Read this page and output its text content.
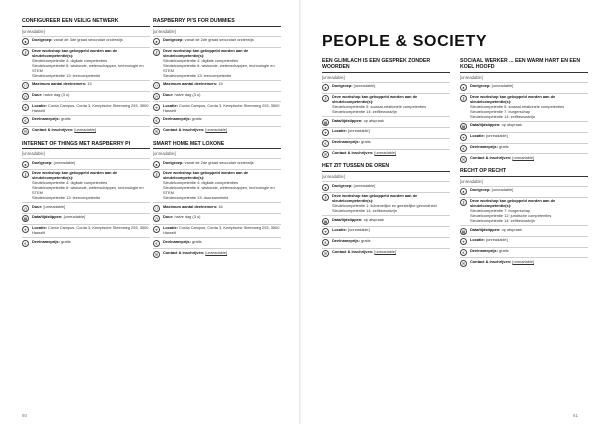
CONFIGUREER EEN VEILIG NETWERK
[unreadable]
●	Doelgroep: vanaf de 3de graad secundair onderwijs
⚷	Deze workshop kan gekoppeld worden aan de sleutelcompetentie(s):
Sleutelcompetentie 4: digitale competenties
Sleutelcompetentie 6: wiskunde, wetenschappen, technologie en STEM
Sleutelcompetentie 13: leercompetentie
⚇	Maximum aantal deelnemers: 15
◷	Duur: halve dag (3 u)
⌖	Locatie: Corda Campus, Corda 3, Kempische Steenweg 293, 3500 Hasselt
€	Deelnameprijs: gratis
✉	Contact & inschrijven: [unreadable]
INTERNET OF THINGS MET RASPBERRY PI
[unreadable]
●	Doelgroep: [unreadable]
⚷	Deze workshop kan gekoppeld worden aan de sleutelcompetentie(s):
Sleutelcompetentie 4: digitale competenties
Sleutelcompetentie 6: wiskunde, wetenschappen, technologie en STEM
Sleutelcompetentie 13: leercompetentie
◷	Duur: [unreadable]
▦	Data/tijdstippen: [unreadable]
⌖	Locatie: Corda Campus, Corda 3, Kempische Steenweg 293, 3500 Hasselt
€	Deelnameprijs: gratis
RASPBERRY PI'S FOR DUMMIES
[unreadable]
●	Doelgroep: vanaf de 2de graad secundair onderwijs
⚷	Deze workshop kan gekoppeld worden aan de sleutelcompetentie(s):
Sleutelcompetentie 4: digitale competenties
Sleutelcompetentie 6: wiskunde, wetenschappen, technologie en STEM
Sleutelcompetentie 13: leercompetentie
⚇	Maximum aantal deelnemers: 15
◷	Duur: halve dag (3 u)
⌖	Locatie: Corda Campus, Corda 3, Kempische Steenweg 293, 3500 Hasselt
€	Deelnameprijs: gratis
✉	Contact & inschrijven: [unreadable]
SMART HOME MET LOXONE
[unreadable]
●	Doelgroep: vanaf de 2de graad secundair onderwijs
⚷	Deze workshop kan gekoppeld worden aan de sleutelcompetentie(s):
Sleutelcompetentie 4: digitale competenties
Sleutelcompetentie 6: wiskunde, wetenschappen, technologie en STEM
Sleutelcompetentie 13: duurzaamheid
⚇	Maximum aantal deelnemers: 16
◷	Duur: halve dag (3 u)
⌖	Locatie: Corda Campus, Corda 3, Kempische Steenweg 293, 3500 Hasselt
€	Deelnameprijs: gratis
✉	Contact & inschrijven: [unreadable]
60
PEOPLE & SOCIETY
EEN GLIMLACH IS EEN GESPREK ZONDER WOORDEN
[unreadable]
●	Doelgroep: [unreadable]
⚷	Deze workshop kan gekoppeld worden aan de sleutelcompetentie(s):
Sleutelcompetentie 5: sociaal-relationele competenties
Sleutelcompetentie 14: zelfbewustzijn
▦	Data/tijdstippen: op afspraak
⌖	Locatie: [unreadable]
€	Deelnameprijs: gratis
✉	Contact & inschrijven: [unreadable]
HET ZIT TUSSEN DE OREN
[unreadable]
●	Doelgroep: [unreadable]
⚷	Deze workshop kan gekoppeld worden aan de sleutelcompetentie(s):
Sleutelcompetentie 1: lichamelijke en geestelijke gezondheid
Sleutelcompetentie 14: zelfbewustzijn
▦	Data/tijdstippen: op afspraak
⌖	Locatie: [unreadable]
€	Deelnameprijs: gratis
✉	Contact & inschrijven: [unreadable]
SOCIAAL WERKER ... EEN WARM HART EN EEN KOEL HOOFD
[unreadable]
●	Doelgroep: [unreadable]
⚷	Deze workshop kan gekoppeld worden aan de sleutelcompetentie(s):
Sleutelcompetentie 5: sociaal-relationele competenties
Sleutelcompetentie 7: burgerschap
Sleutelcompetentie 14: zelfbewustzijn
▦	Data/tijdstippen: op afspraak
⌖	Locatie: [unreadable]
€	Deelnameprijs: gratis
✉	Contact & inschrijven: [unreadable]
RECHT OP RECHT
[unreadable]
●	Doelgroep: [unreadable]
⚷	Deze workshop kan gekoppeld worden aan de sleutelcompetentie(s):
Sleutelcompetentie 7: burgerschap
Sleutelcompetentie 12: juridische competenties
Sleutelcompetentie 14: zelfbewustzijn
▦	Data/tijdstippen: op afspraak
⌖	Locatie: [unreadable]
€	Deelnameprijs: gratis
✉	Contact & inschrijven: [unreadable]
61
